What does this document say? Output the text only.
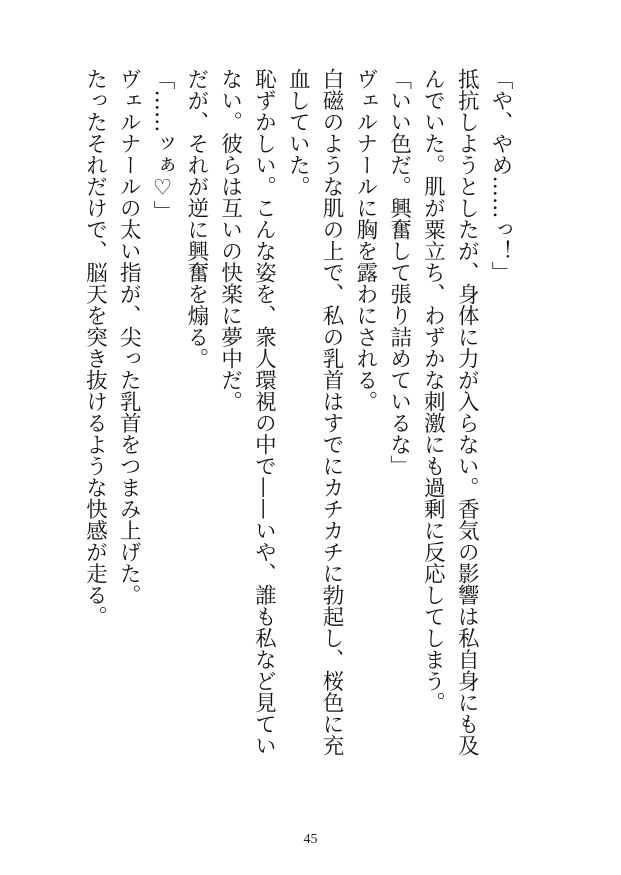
「や、やめ……っ！」

抵抗しようとしたが、身体に力が入らない。香気の影響は私自身にも及

んでいた。肌が粟立ち、わずかな刺激にも過剰に反応してしまう。

「いい色だ。興奮して張り詰めているな」

ヴェルナールに胸を露わにされる。

白磁のような肌の上で、私の乳首はすでにカチカチに勃起し、桜色に充

血していた。

恥ずかしい。こんな姿を、衆人環視の中で——いや、誰も私など見てい

ない。彼らは互いの快楽に夢中だ。

だが、それが逆に興奮を煽る。

「……ッぁ♡」

ヴェルナールの太い指が、尖った乳首をつまみ上げた。

たったそれだけで、脳天を突き抜けるような快感が走る。

45
